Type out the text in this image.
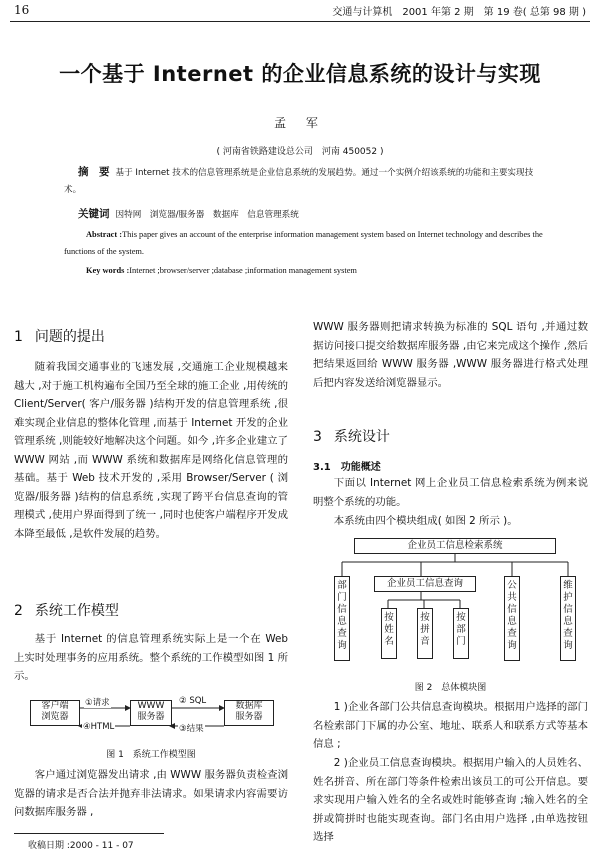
16	交通与计算机　2001 年第 2 期　第 19 卷( 总第 98 期 )
一个基于 Internet 的企业信息系统的设计与实现
孟 军
( 河南省铁路建设总公司　河南 450052 )
摘　要 基于 Internet 技术的信息管理系统是企业信息系统的发展趋势。通过一个实例介绍该系统的功能和主要实现技术。
关键词 因特网　浏览器/服务器　数据库　信息管理系统
Abstract :This paper gives an account of the enterprise information management system based on Internet technology and describes the functions of the system.
Key words :Internet ;browser/server ;database ;information management system
1 问题的提出
随着我国交通事业的飞速发展 ,交通施工企业规模越来越大 ,对于施工机构遍布全国乃至全球的施工企业 ,用传统的 Client/Server( 客户/服务器 )结构开发的信息管理系统 ,很难实现企业信息的整体化管理 ,而基于 Internet 开发的企业管理系统 ,则能较好地解决这个问题。如今 ,许多企业建立了 WWW 网站 ,而 WWW 系统和数据库是网络化信息管理的基础。基于 Web 技术开发的 ,采用 Browser/Server ( 浏览器/服务器 )结构的信息系统 ,实现了跨平台信息查询的管理模式 ,使用户界面得到了统一 ,同时也使客户端程序开发成本降至最低 ,是软件发展的趋势。
2 系统工作模型
基于 Internet 的信息管理系统实际上是一个在 Web 上实时处理事务的应用系统。整个系统的工作模型如图 1 所示。
客户端
浏览器
WWW
服务器
数据库
服务器
①请求
④HTML
② SQL
③结果
图 1　系统工作模型图
客户通过浏览器发出请求 ,由 WWW 服务器负责检查浏览器的请求是否合法并抛弃非法请求。如果请求内容需要访问数据库服务器 ,
收稿日期 :2000 - 11 - 07
WWW 服务器则把请求转换为标准的 SQL 语句 ,并通过数据访问接口提交给数据库服务器 ,由它来完成这个操作 ,然后把结果返回给 WWW 服务器 ,WWW 服务器进行格式处理后把内容发送给浏览器显示。
3 系统设计
3.1 功能概述
下面以 Internet 网上企业员工信息检索系统为例来说明整个系统的功能。
本系统由四个模块组成( 如图 2 所示 )。
企业员工信息检索系统
部门信息查询
企业员工信息查询
按姓名
按拼音
按部门
公共信息查询
维护信息查询
图 2　总体模块图
1 )企业各部门公共信息查询模块。根据用户选择的部门名检索部门下属的办公室、地址、联系人和联系方式等基本信息 ;
2 )企业员工信息查询模块。根据用户输入的人员姓名、姓名拼音、所在部门等条件检索出该员工的可公开信息。要求实现用户输入姓名的全名或姓时能够查询 ;输入姓名的全拼或简拼时也能实现查询。部门名由用户选择 ,由单选按钮选择
